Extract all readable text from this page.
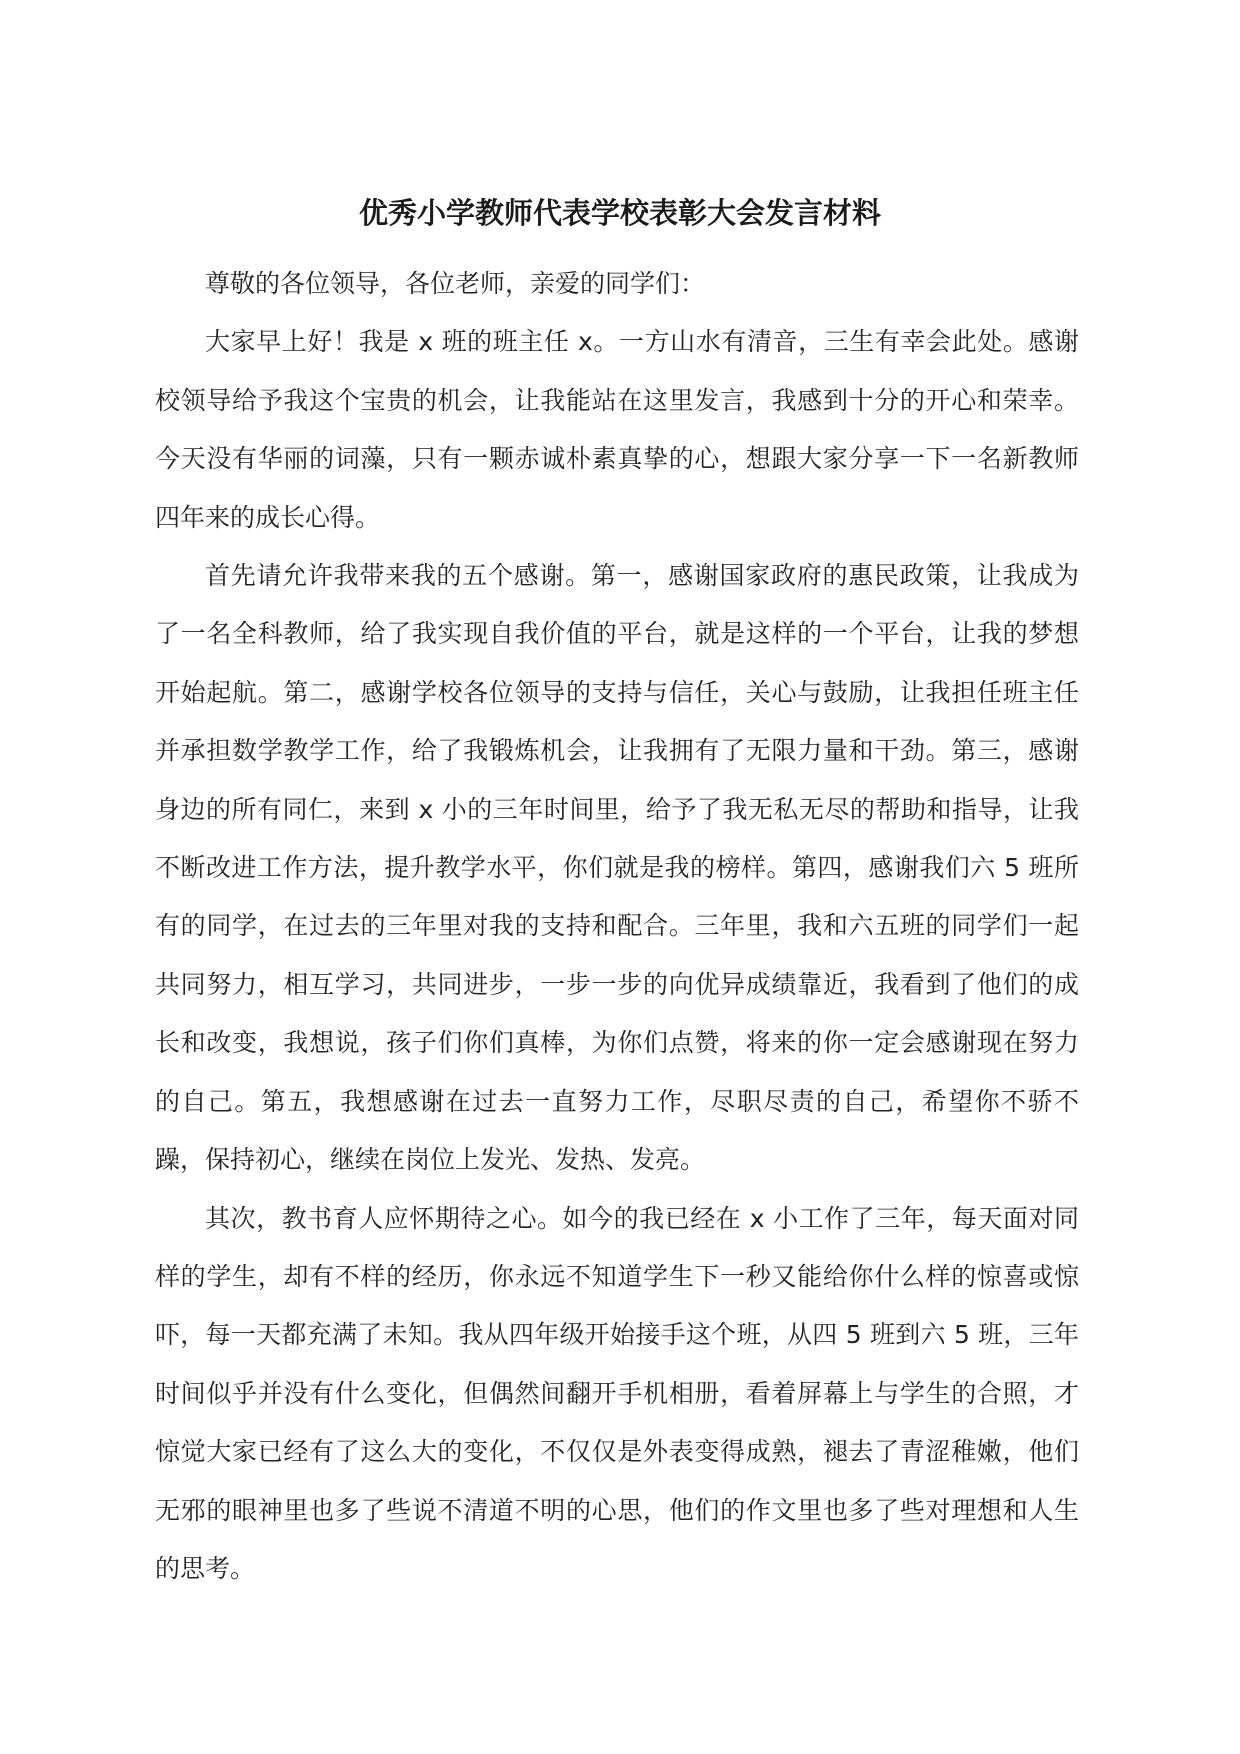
优秀小学教师代表学校表彰大会发言材料

尊敬的各位领导，各位老师，亲爱的同学们：

大家早上好！我是 x 班的班主任 x。一方山水有清音，三生有幸会此处。感谢校领导给予我这个宝贵的机会，让我能站在这里发言，我感到十分的开心和荣幸。今天没有华丽的词藻，只有一颗赤诚朴素真挚的心，想跟大家分享一下一名新教师四年来的成长心得。

首先请允许我带来我的五个感谢。第一，感谢国家政府的惠民政策，让我成为了一名全科教师，给了我实现自我价值的平台，就是这样的一个平台，让我的梦想开始起航。第二，感谢学校各位领导的支持与信任，关心与鼓励，让我担任班主任并承担数学教学工作，给了我锻炼机会，让我拥有了无限力量和干劲。第三，感谢身边的所有同仁，来到 x 小的三年时间里，给予了我无私无尽的帮助和指导，让我不断改进工作方法，提升教学水平，你们就是我的榜样。第四，感谢我们六 5 班所有的同学，在过去的三年里对我的支持和配合。三年里，我和六五班的同学们一起共同努力，相互学习，共同进步，一步一步的向优异成绩靠近，我看到了他们的成长和改变，我想说，孩子们你们真棒，为你们点赞，将来的你一定会感谢现在努力的自己。第五，我想感谢在过去一直努力工作，尽职尽责的自己，希望你不骄不躁，保持初心，继续在岗位上发光、发热、发亮。

其次，教书育人应怀期待之心。如今的我已经在 x 小工作了三年，每天面对同样的学生，却有不样的经历，你永远不知道学生下一秒又能给你什么样的惊喜或惊吓，每一天都充满了未知。我从四年级开始接手这个班，从四 5 班到六 5 班，三年时间似乎并没有什么变化，但偶然间翻开手机相册，看着屏幕上与学生的合照，才惊觉大家已经有了这么大的变化，不仅仅是外表变得成熟，褪去了青涩稚嫩，他们无邪的眼神里也多了些说不清道不明的心思，他们的作文里也多了些对理想和人生的思考。
